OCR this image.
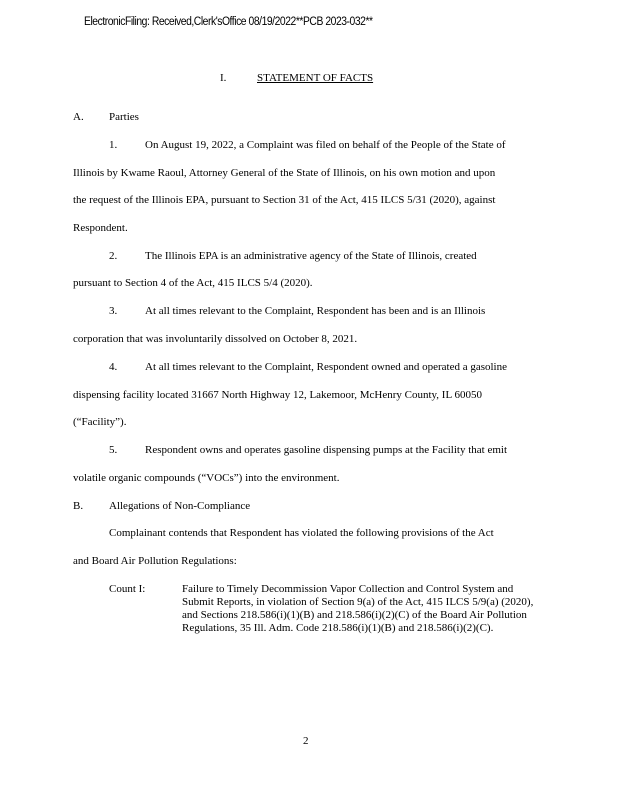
ElectronicFiling: Received,Clerk'sOffice 08/19/2022**PCB 2023-032**
I.	STATEMENT OF FACTS
A. Parties
1.	On August 19, 2022, a Complaint was filed on behalf of the People of the State of
Illinois by Kwame Raoul, Attorney General of the State of Illinois, on his own motion and upon
the request of the Illinois EPA, pursuant to Section 31 of the Act, 415 ILCS 5/31 (2020), against
Respondent.
2.	The Illinois EPA is an administrative agency of the State of Illinois, created
pursuant to Section 4 of the Act, 415 ILCS 5/4 (2020).
3.	At all times relevant to the Complaint, Respondent has been and is an Illinois
corporation that was involuntarily dissolved on October 8, 2021.
4.	At all times relevant to the Complaint, Respondent owned and operated a gasoline
dispensing facility located 31667 North Highway 12, Lakemoor, McHenry County, IL 60050
(“Facility”).
5.	Respondent owns and operates gasoline dispensing pumps at the Facility that emit
volatile organic compounds (“VOCs”) into the environment.
B. Allegations of Non-Compliance
Complainant contends that Respondent has violated the following provisions of the Act
and Board Air Pollution Regulations:
Count I:	Failure to Timely Decommission Vapor Collection and Control System and Submit Reports, in violation of Section 9(a) of the Act, 415 ILCS 5/9(a) (2020), and Sections 218.586(i)(1)(B) and 218.586(i)(2)(C) of the Board Air Pollution Regulations, 35 Ill. Adm. Code 218.586(i)(1)(B) and 218.586(i)(2)(C).
2
